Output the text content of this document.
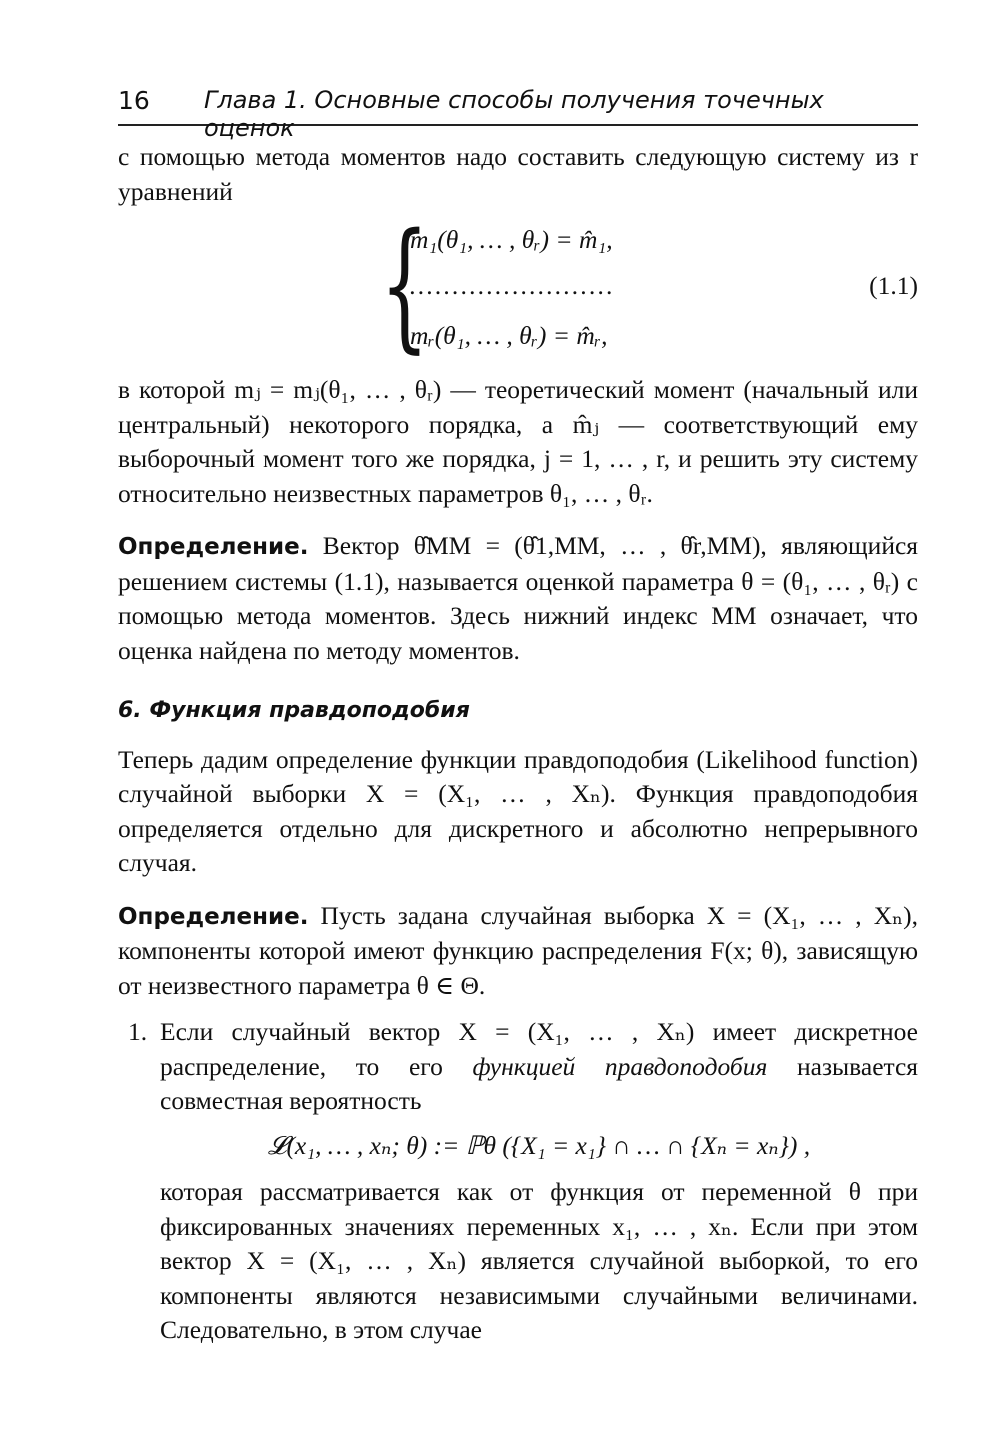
16 Глава 1. Основные способы получения точечных оценок

с помощью метода моментов надо составить следующую систему из r уравнений

{
m₁(θ₁, … , θᵣ) = m̂₁,
……………………
mᵣ(θ₁, … , θᵣ) = m̂ᵣ,
(1.1)

в которой mⱼ = mⱼ(θ₁, … , θᵣ) — теоретический момент (начальный или центральный) некоторого порядка, а m̂ⱼ — соответствующий ему выборочный момент того же порядка, j = 1, … , r, и решить эту систему относительно неизвестных параметров θ₁, … , θᵣ.

Определение. Вектор θ̂MM = (θ̂1,MM, … , θ̂r,MM), являющийся решением системы (1.1), называется оценкой параметра θ = (θ₁, … , θᵣ) с помощью метода моментов. Здесь нижний индекс MM означает, что оценка найдена по методу моментов.

6. Функция правдоподобия

Теперь дадим определение функции правдоподобия (Likelihood function) случайной выборки X = (X₁, … , Xₙ). Функция правдоподобия определяется отдельно для дискретного и абсолютно непрерывного случая.

Определение. Пусть задана случайная выборка X = (X₁, … , Xₙ), компоненты которой имеют функцию распределения F(x; θ), зависящую от неизвестного параметра θ ∈ Θ.

1. Если случайный вектор X = (X₁, … , Xₙ) имеет дискретное распределение, то его функцией правдоподобия называется совместная вероятность

𝓛(x₁, … , xₙ; θ) := ℙθ ({X₁ = x₁} ∩ … ∩ {Xₙ = xₙ}) ,

которая рассматривается как от функция от переменной θ при фиксированных значениях переменных x₁, … , xₙ. Если при этом вектор X = (X₁, … , Xₙ) является случайной выборкой, то его компоненты являются независимыми случайными величинами. Следовательно, в этом случае
